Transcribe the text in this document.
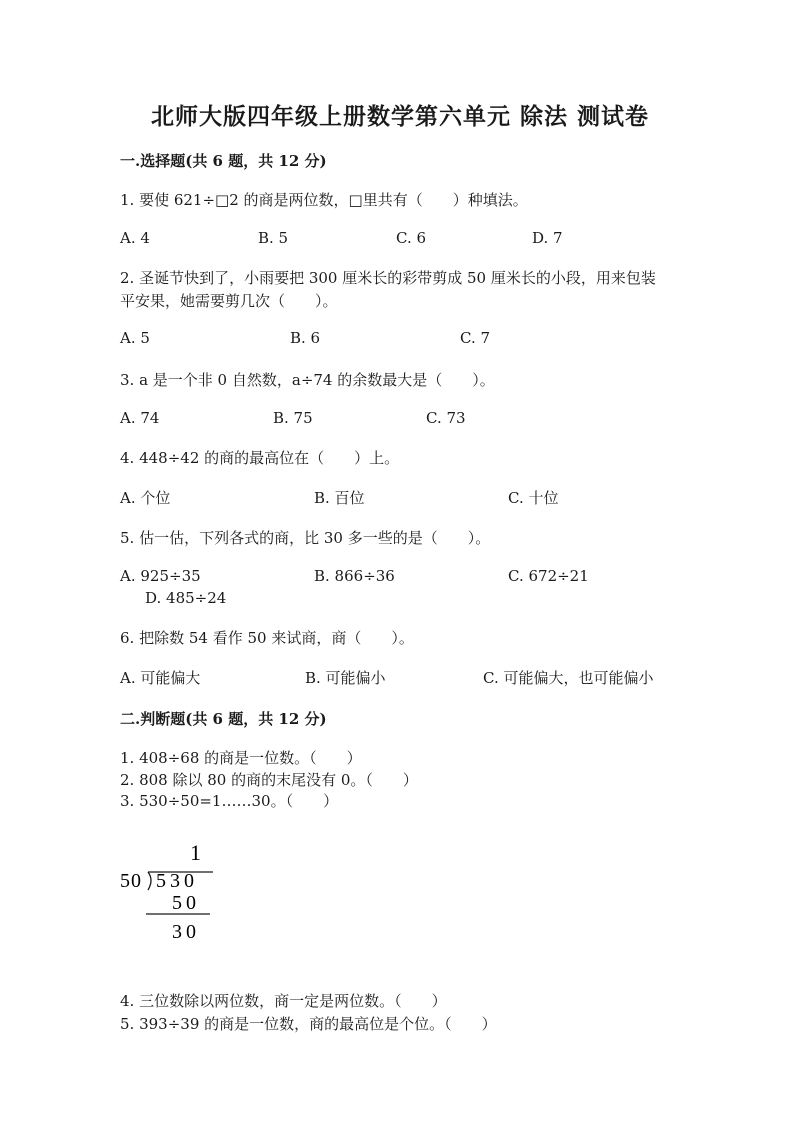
北师大版四年级上册数学第六单元 除法 测试卷
一.选择题(共 6 题，共 12 分)
1. 要使 621÷□2 的商是两位数，□里共有（　　）种填法。
A. 4	B. 5	C. 6	D. 7
2. 圣诞节快到了，小雨要把 300 厘米长的彩带剪成 50 厘米长的小段，用来包装
平安果，她需要剪几次（　　）。
A. 5	B. 6	C. 7
3. a 是一个非 0 自然数，a÷74 的余数最大是（　　）。
A. 74	B. 75	C. 73
4. 448÷42 的商的最高位在（　　）上。
A. 个位	B. 百位	C. 十位
5. 估一估，下列各式的商，比 30 多一些的是（　　）。
A. 925÷35	B. 866÷36	C. 672÷21
D. 485÷24
6. 把除数 54 看作 50 来试商，商（　　）。
A. 可能偏大	B. 可能偏小	C. 可能偏大，也可能偏小
二.判断题(共 6 题，共 12 分)
1. 408÷68 的商是一位数。（　　）
2. 808 除以 80 的商的末尾没有 0。（　　）
3. 530÷50=1……30。（　　）
1
50 530
50
30
4. 三位数除以两位数，商一定是两位数。（　　）
5. 393÷39 的商是一位数，商的最高位是个位。（　　）
